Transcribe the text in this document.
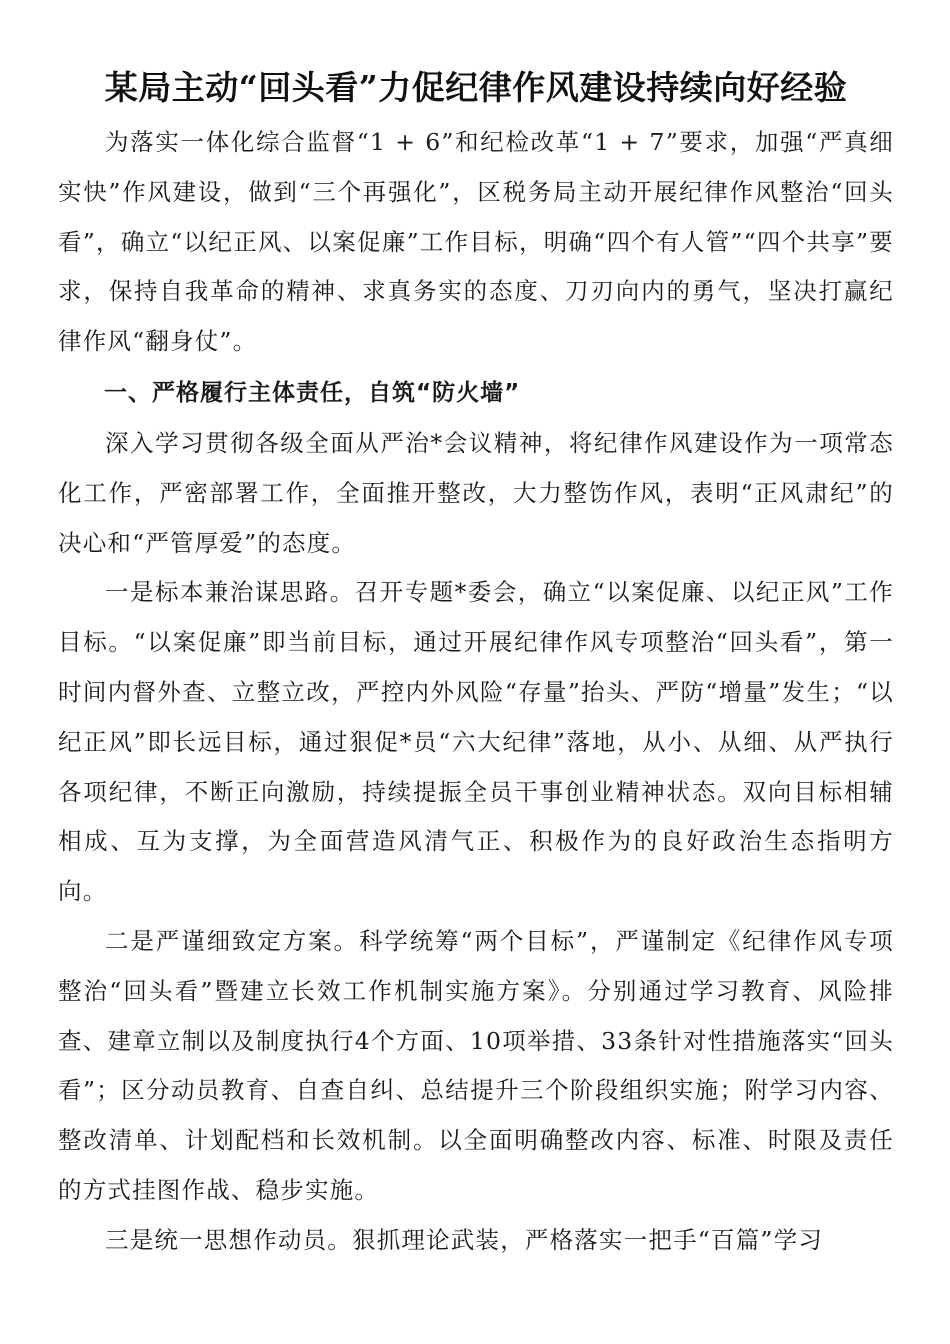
某局主动“回头看”力促纪律作风建设持续向好经验

为落实一体化综合监督“1 + 6”和纪检改革“1 + 7”要求，加强“严真细实快”作风建设，做到“三个再强化”，区税务局主动开展纪律作风整治“回头看”，确立“以纪正风、以案促廉”工作目标，明确“四个有人管”“四个共享”要求，保持自我革命的精神、求真务实的态度、刀刃向内的勇气，坚决打赢纪律作风“翻身仗”。

一、严格履行主体责任，自筑“防火墙”

深入学习贯彻各级全面从严治*会议精神，将纪律作风建设作为一项常态化工作，严密部署工作，全面推开整改，大力整饬作风，表明“正风肃纪”的决心和“严管厚爱”的态度。

一是标本兼治谋思路。召开专题*委会，确立“以案促廉、以纪正风”工作目标。“以案促廉”即当前目标，通过开展纪律作风专项整治“回头看”，第一时间内督外查、立整立改，严控内外风险“存量”抬头、严防“增量”发生；“以纪正风”即长远目标，通过狠促*员“六大纪律”落地，从小、从细、从严执行各项纪律，不断正向激励，持续提振全员干事创业精神状态。双向目标相辅相成、互为支撑，为全面营造风清气正、积极作为的良好政治生态指明方向。

二是严谨细致定方案。科学统筹“两个目标”，严谨制定《纪律作风专项整治“回头看”暨建立长效工作机制实施方案》。分别通过学习教育、风险排查、建章立制以及制度执行4个方面、10项举措、33条针对性措施落实“回头看”；区分动员教育、自查自纠、总结提升三个阶段组织实施；附学习内容、整改清单、计划配档和长效机制。以全面明确整改内容、标准、时限及责任的方式挂图作战、稳步实施。

三是统一思想作动员。狠抓理论武装，严格落实一把手“百篇”学习
